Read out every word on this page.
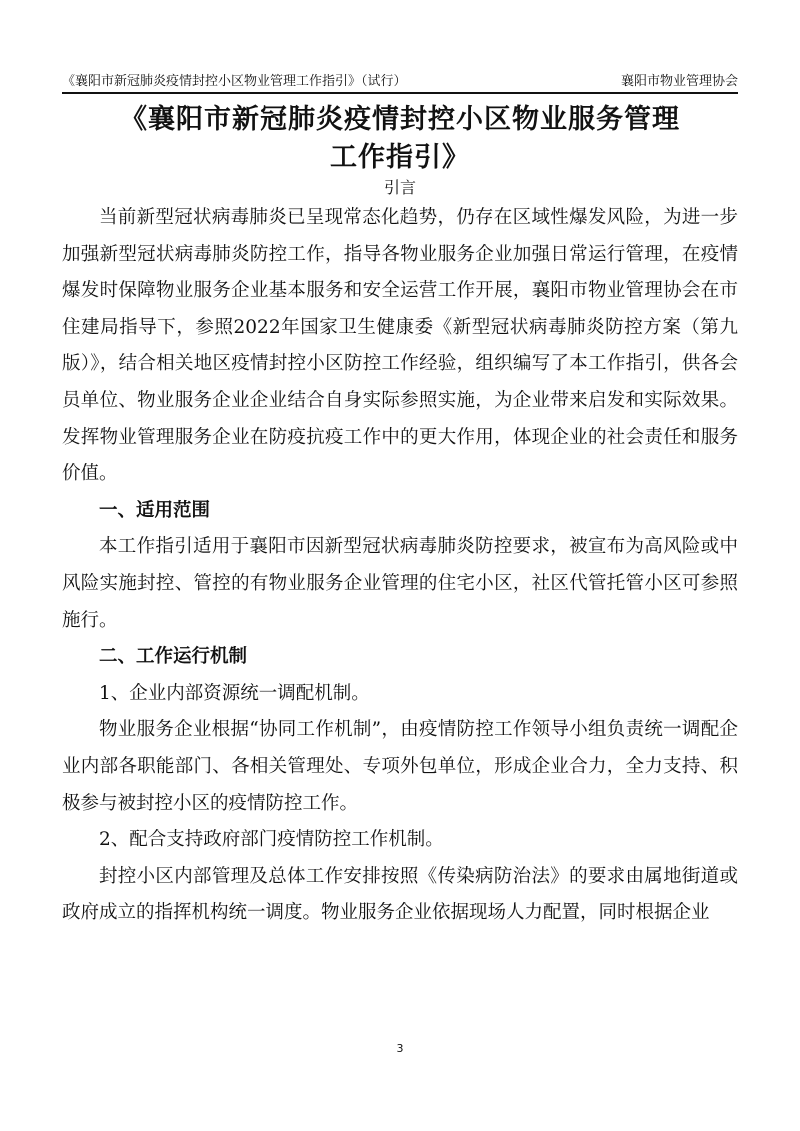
《襄阳市新冠肺炎疫情封控小区物业管理工作指引》（试行）	襄阳市物业管理协会
《襄阳市新冠肺炎疫情封控小区物业服务管理
工作指引》
引言

当前新型冠状病毒肺炎已呈现常态化趋势，仍存在区域性爆发风险，为进一步加强新型冠状病毒肺炎防控工作，指导各物业服务企业加强日常运行管理，在疫情爆发时保障物业服务企业基本服务和安全运营工作开展，襄阳市物业管理协会在市住建局指导下，参照2022年国家卫生健康委《新型冠状病毒肺炎防控方案（第九版）》，结合相关地区疫情封控小区防控工作经验，组织编写了本工作指引，供各会员单位、物业服务企业企业结合自身实际参照实施，为企业带来启发和实际效果。发挥物业管理服务企业在防疫抗疫工作中的更大作用，体现企业的社会责任和服务价值。

一、适用范围

本工作指引适用于襄阳市因新型冠状病毒肺炎防控要求，被宣布为高风险或中风险实施封控、管控的有物业服务企业管理的住宅小区，社区代管托管小区可参照施行。

二、工作运行机制

1、企业内部资源统一调配机制。

物业服务企业根据“协同工作机制”，由疫情防控工作领导小组负责统一调配企业内部各职能部门、各相关管理处、专项外包单位，形成企业合力，全力支持、积极参与被封控小区的疫情防控工作。

2、配合支持政府部门疫情防控工作机制。

封控小区内部管理及总体工作安排按照《传染病防治法》的要求由属地街道或政府成立的指挥机构统一调度。物业服务企业依据现场人力配置，同时根据企业

3
